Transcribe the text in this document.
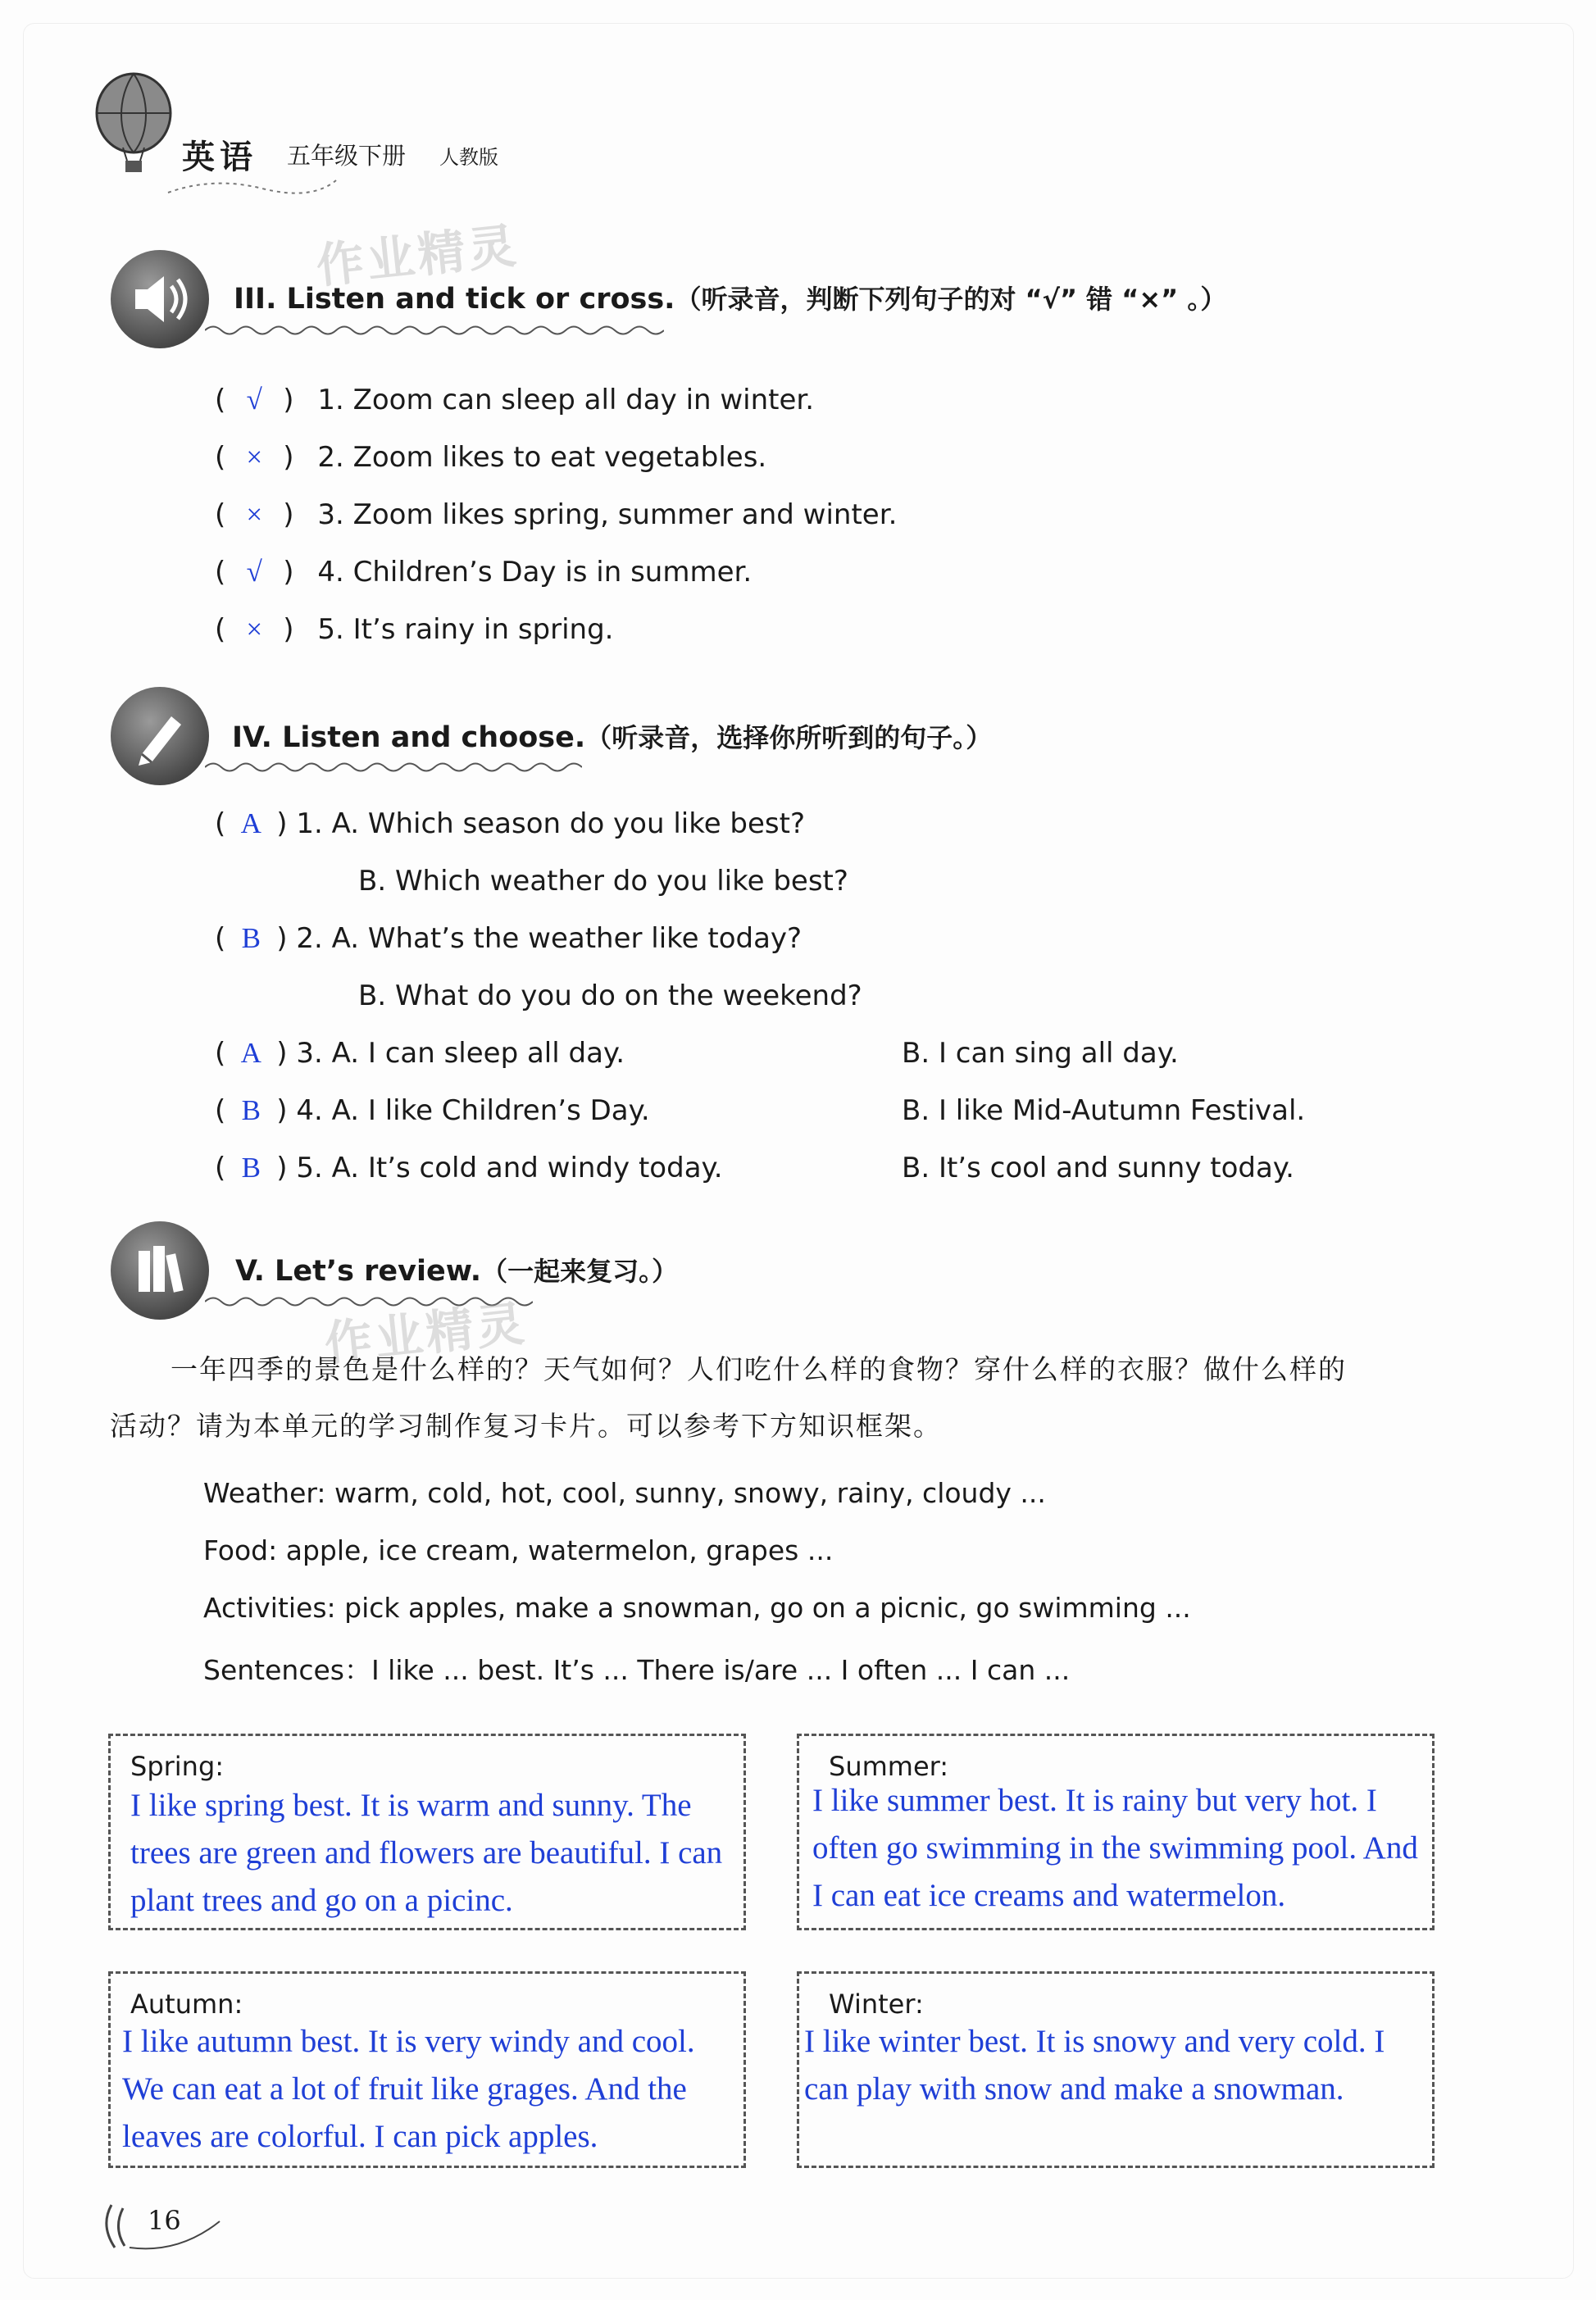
英语 五年级下册 人教版
作业精灵
III. Listen and tick or cross.（听录音，判断下列句子的对 “√” 错 “×” 。）
( √ ) 1. Zoom can sleep all day in winter.
( × ) 2. Zoom likes to eat vegetables.
( × ) 3. Zoom likes spring, summer and winter.
( √ ) 4. Children’s Day is in summer.
( × ) 5. It’s rainy in spring.
IV. Listen and choose.（听录音，选择你所听到的句子。）
( A ) 1. A. Which season do you like best?
B. Which weather do you like best?
( B ) 2. A. What’s the weather like today?
B. What do you do on the weekend?
( A ) 3. A. I can sleep all day.	B. I can sing all day.
( B ) 4. A. I like Children’s Day.	B. I like Mid-Autumn Festival.
( B ) 5. A. It’s cold and windy today.	B. It’s cool and sunny today.
V. Let’s review.（一起来复习。）
作业精灵
一年四季的景色是什么样的？天气如何？人们吃什么样的食物？穿什么样的衣服？做什么样的
活动？请为本单元的学习制作复习卡片。可以参考下方知识框架。
Weather: warm, cold, hot, cool, sunny, snowy, rainy, cloudy ...
Food: apple, ice cream, watermelon, grapes ...
Activities: pick apples, make a snowman, go on a picnic, go swimming ...
Sentences：I like ... best. It’s ... There is/are ... I often ... I can ...
Spring:
I like spring best. It is warm and sunny. The
trees are green and flowers are beautiful. I can
plant trees and go on a picinc.
Summer:
I like summer best. It is rainy but very hot. I
often go swimming in the swimming pool. And
I can eat ice creams and watermelon.
Autumn:
I like autumn best. It is very windy and cool.
We can eat a lot of fruit like grages. And the
leaves are colorful. I can pick apples.
Winter:
I like winter best. It is snowy and very cold. I
can play with snow and make a snowman.
16
